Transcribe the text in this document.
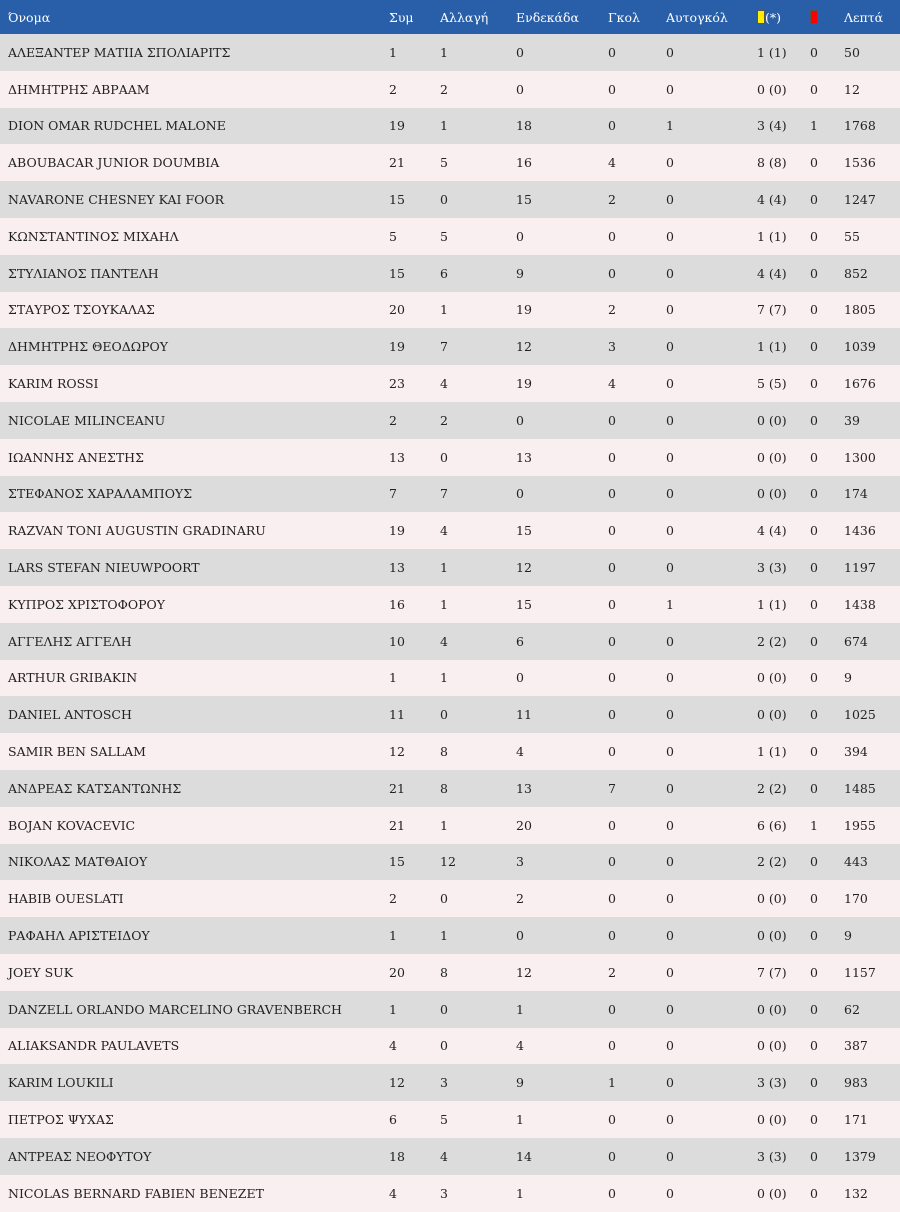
Όνομα	Συμ	Αλλαγή	Ενδεκάδα	Γκολ	Αυτογκόλ	(*)		Λεπτά
ΑΛΕΞΑΝΤΕΡ ΜΑΤΙΙΑ ΣΠΟΛΙΑΡΙΤΣ	1	1	0	0	0	1 (1)	0	50
ΔΗΜΗΤΡΗΣ ΑΒΡΑΑΜ	2	2	0	0	0	0 (0)	0	12
DION OMAR RUDCHEL MALONE	19	1	18	0	1	3 (4)	1	1768
ABOUBACAR JUNIOR DOUMBIA	21	5	16	4	0	8 (8)	0	1536
NAVARONE CHESNEY KAI FOOR	15	0	15	2	0	4 (4)	0	1247
ΚΩΝΣΤΑΝΤΙΝΟΣ ΜΙΧΑΗΛ	5	5	0	0	0	1 (1)	0	55
ΣΤΥΛΙΑΝΟΣ ΠΑΝΤΕΛΗ	15	6	9	0	0	4 (4)	0	852
ΣΤΑΥΡΟΣ ΤΣΟΥΚΑΛΑΣ	20	1	19	2	0	7 (7)	0	1805
ΔΗΜΗΤΡΗΣ ΘΕΟΔΩΡΟΥ	19	7	12	3	0	1 (1)	0	1039
KARIM ROSSI	23	4	19	4	0	5 (5)	0	1676
NICOLAE MILINCEANU	2	2	0	0	0	0 (0)	0	39
ΙΩΑΝΝΗΣ ΑΝΕΣΤΗΣ	13	0	13	0	0	0 (0)	0	1300
ΣΤΕΦΑΝΟΣ ΧΑΡΑΛΑΜΠΟΥΣ	7	7	0	0	0	0 (0)	0	174
RAZVAN TONI AUGUSTIN GRADINARU	19	4	15	0	0	4 (4)	0	1436
LARS STEFAN NIEUWPOORT	13	1	12	0	0	3 (3)	0	1197
ΚΥΠΡΟΣ ΧΡΙΣΤΟΦΟΡΟΥ	16	1	15	0	1	1 (1)	0	1438
ΑΓΓΕΛΗΣ ΑΓΓΕΛΗ	10	4	6	0	0	2 (2)	0	674
ARTHUR GRIBAKIN	1	1	0	0	0	0 (0)	0	9
DANIEL ANTOSCH	11	0	11	0	0	0 (0)	0	1025
SAMIR BEN SALLAM	12	8	4	0	0	1 (1)	0	394
ΑΝΔΡΕΑΣ ΚΑΤΣΑΝΤΩΝΗΣ	21	8	13	7	0	2 (2)	0	1485
BOJAN KOVACEVIC	21	1	20	0	0	6 (6)	1	1955
ΝΙΚΟΛΑΣ ΜΑΤΘΑΙΟΥ	15	12	3	0	0	2 (2)	0	443
HABIB OUESLATI	2	0	2	0	0	0 (0)	0	170
ΡΑΦΑΗΛ ΑΡΙΣΤΕΙΔΟΥ	1	1	0	0	0	0 (0)	0	9
JOEY SUK	20	8	12	2	0	7 (7)	0	1157
DANZELL ORLANDO MARCELINO GRAVENBERCH	1	0	1	0	0	0 (0)	0	62
ALIAKSANDR PAULAVETS	4	0	4	0	0	0 (0)	0	387
KARIM LOUKILI	12	3	9	1	0	3 (3)	0	983
ΠΕΤΡΟΣ ΨΥΧΑΣ	6	5	1	0	0	0 (0)	0	171
ΑΝΤΡΕΑΣ ΝΕΟΦΥΤΟΥ	18	4	14	0	0	3 (3)	0	1379
NICOLAS BERNARD FABIEN BENEZET	4	3	1	0	0	0 (0)	0	132
